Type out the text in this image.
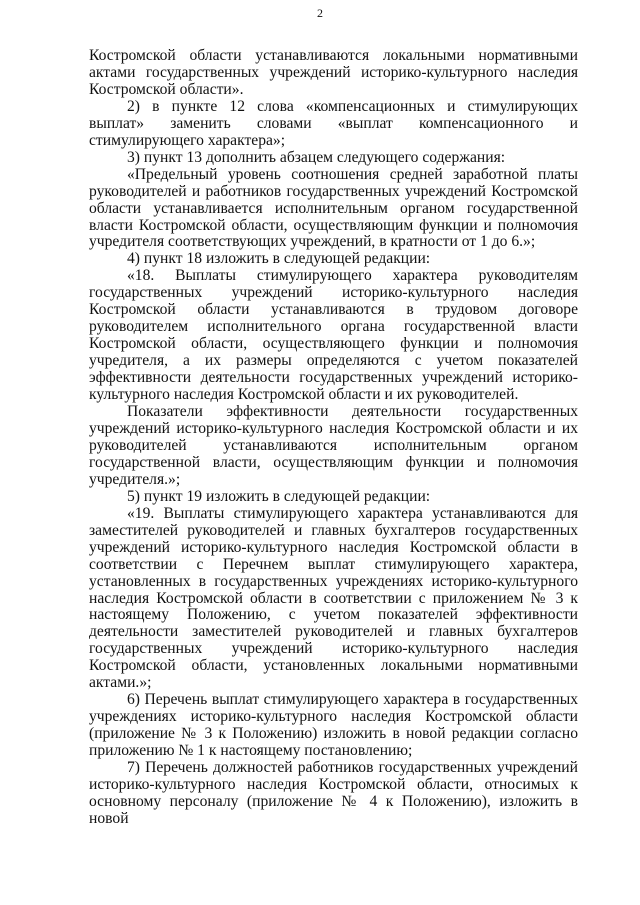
2

Костромской области устанавливаются локальными нормативными актами государственных учреждений историко-культурного наследия Костромской области».

2) в пункте 12 слова «компенсационных и стимулирующих выплат» заменить словами «выплат компенсационного и стимулирующего характера»;

3) пункт 13 дополнить абзацем следующего содержания:

«Предельный уровень соотношения средней заработной платы руководителей и работников государственных учреждений Костромской области устанавливается исполнительным органом государственной власти Костромской области, осуществляющим функции и полномочия учредителя соответствующих учреждений, в кратности от 1 до 6.»;

4) пункт 18 изложить в следующей редакции:

«18. Выплаты стимулирующего характера руководителям государственных учреждений историко-культурного наследия Костромской области устанавливаются в трудовом договоре руководителем исполнительного органа государственной власти Костромской области, осуществляющего функции и полномочия учредителя, а их размеры определяются с учетом показателей эффективности деятельности государственных учреждений историко-культурного наследия Костромской области и их руководителей.

Показатели эффективности деятельности государственных учреждений историко-культурного наследия Костромской области и их руководителей устанавливаются исполнительным органом государственной власти, осуществляющим функции и полномочия учредителя.»;

5) пункт 19 изложить в следующей редакции:

«19. Выплаты стимулирующего характера устанавливаются для заместителей руководителей и главных бухгалтеров государственных учреждений историко-культурного наследия Костромской области в соответствии с Перечнем выплат стимулирующего характера, установленных в государственных учреждениях историко-культурного наследия Костромской области в соответствии с приложением № 3 к настоящему Положению, с учетом показателей эффективности деятельности заместителей руководителей и главных бухгалтеров государственных учреждений историко-культурного наследия Костромской области, установленных локальными нормативными актами.»;

6) Перечень выплат стимулирующего характера в государственных учреждениях историко-культурного наследия Костромской области (приложение № 3 к Положению) изложить в новой редакции согласно приложению № 1 к настоящему постановлению;

7) Перечень должностей работников государственных учреждений историко-культурного наследия Костромской области, относимых к основному персоналу (приложение № 4 к Положению), изложить в новой
